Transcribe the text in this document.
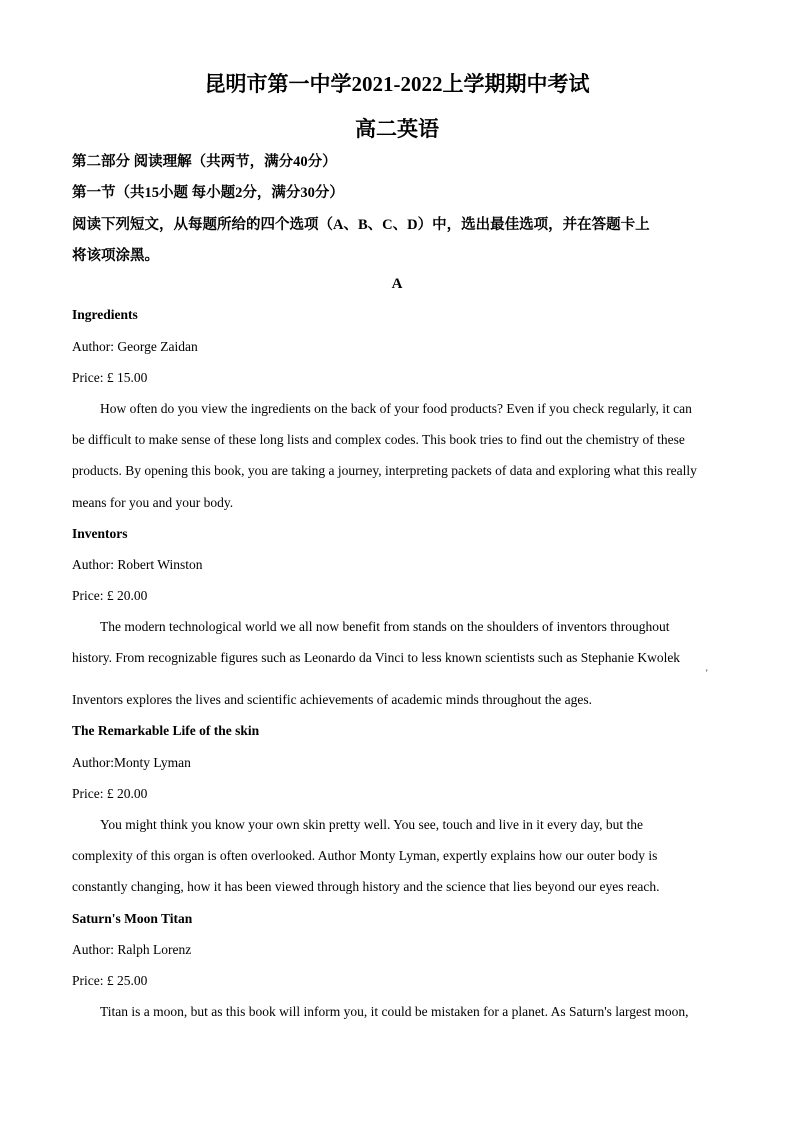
昆明市第一中学2021-2022上学期期中考试
高二英语
第二部分 阅读理解（共两节，满分40分）
第一节（共15小题 每小题2分，满分30分）
阅读下列短文，从每题所给的四个选项（A、B、C、D）中，选出最佳选项，并在答题卡上
将该项涂黑。
A
Ingredients
Author: George Zaidan
Price: £ 15.00
How often do you view the ingredients on the back of your food products? Even if you check regularly, it can
be difficult to make sense of these long lists and complex codes. This book tries to find out the chemistry of these
products. By opening this book, you are taking a journey, interpreting packets of data and exploring what this really
means for you and your body.
Inventors
Author: Robert Winston
Price: £ 20.00
The modern technological world we all now benefit from stands on the shoulders of inventors throughout
history. From recognizable figures such as Leonardo da Vinci to less known scientists such as Stephanie Kwolek
'
Inventors explores the lives and scientific achievements of academic minds throughout the ages.
The Remarkable Life of the skin
Author:Monty Lyman
Price: £ 20.00
You might think you know your own skin pretty well. You see, touch and live in it every day, but the
complexity of this organ is often overlooked. Author Monty Lyman, expertly explains how our outer body is
constantly changing, how it has been viewed through history and the science that lies beyond our eyes reach.
Saturn's Moon Titan
Author: Ralph Lorenz
Price: £ 25.00
Titan is a moon, but as this book will inform you, it could be mistaken for a planet. As Saturn's largest moon,
